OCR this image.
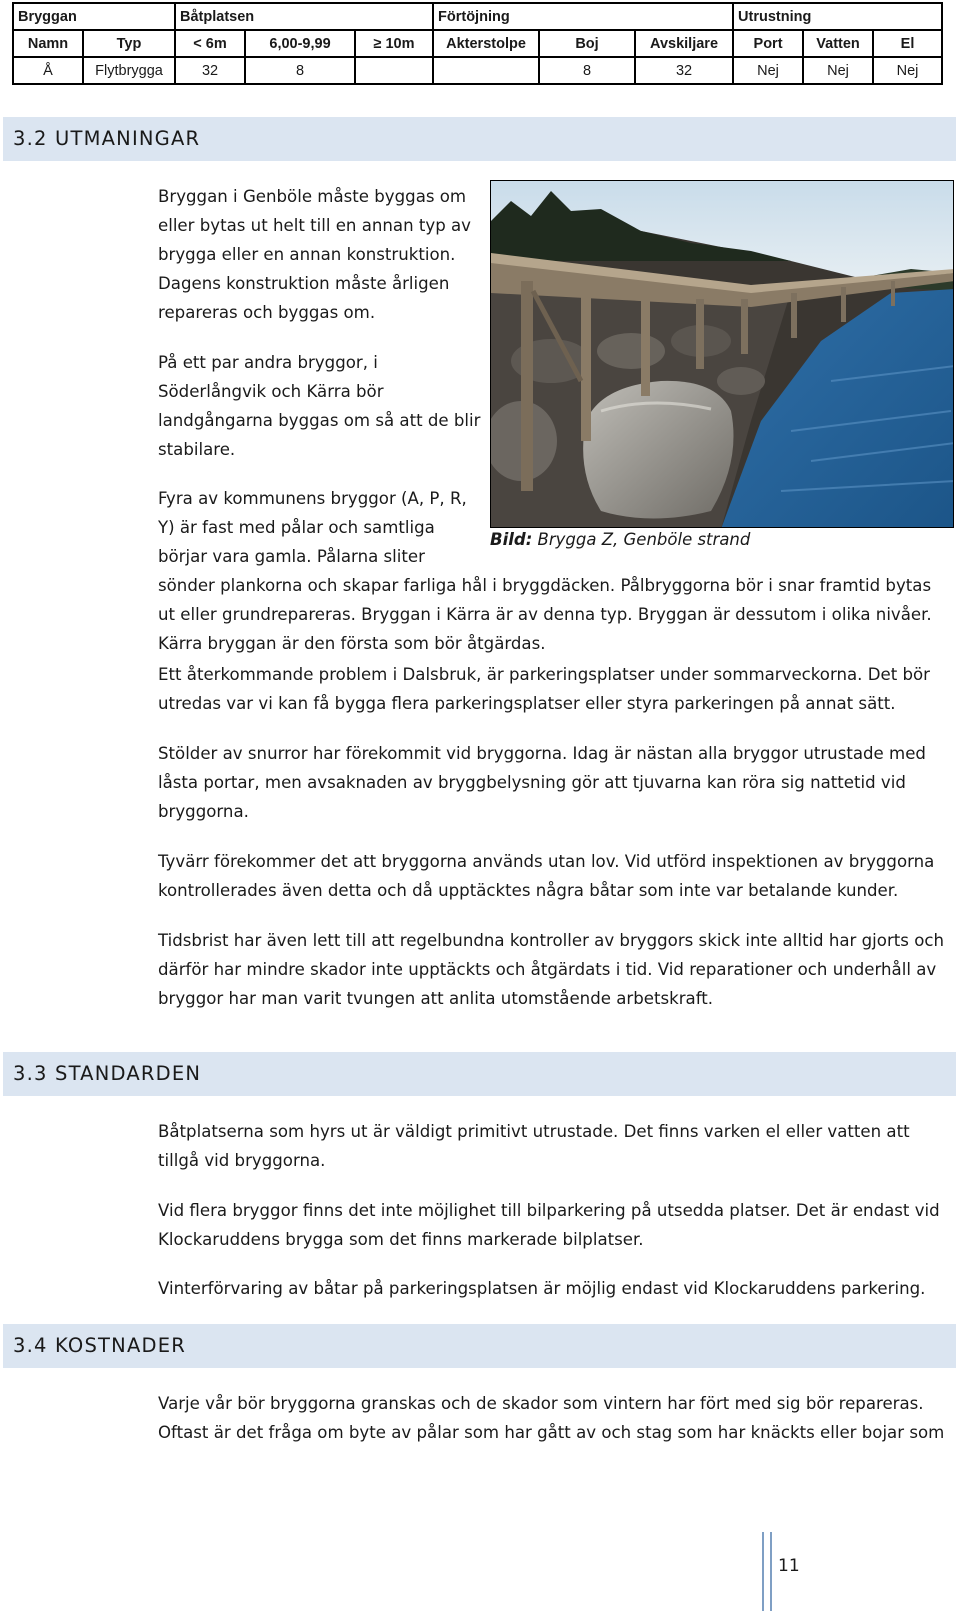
Bryggan		Båtplatsen			Förtöjning			Utrustning		
Namn	Typ	< 6m	6,00-9,99	≥ 10m	Akterstolpe	Boj	Avskiljare	Port	Vatten	El
Å	Flytbrygga	32	8			8	32	Nej	Nej	Nej
3.2 UTMANINGAR
Bryggan i Genböle måste byggas om
eller bytas ut helt till en annan typ av
brygga eller en annan konstruktion.
Dagens konstruktion måste årligen
repareras och byggas om.
På ett par andra bryggor, i
Söderlångvik och Kärra bör
landgångarna byggas om så att de blir
stabilare.
Fyra av kommunens bryggor (A, P, R,
Y) är fast med pålar och samtliga
börjar vara gamla. Pålarna sliter
sönder plankorna och skapar farliga hål i bryggdäcken. Pålbryggorna bör i snar framtid bytas
ut eller grundrepareras. Bryggan i Kärra är av denna typ. Bryggan är dessutom i olika nivåer.
Kärra bryggan är den första som bör åtgärdas.
Bild: Brygga Z, Genböle strand
Ett återkommande problem i Dalsbruk, är parkeringsplatser under sommarveckorna. Det bör
utredas var vi kan få bygga flera parkeringsplatser eller styra parkeringen på annat sätt.
Stölder av snurror har förekommit vid bryggorna. Idag är nästan alla bryggor utrustade med
låsta portar, men avsaknaden av bryggbelysning gör att tjuvarna kan röra sig nattetid vid
bryggorna.
Tyvärr förekommer det att bryggorna används utan lov. Vid utförd inspektionen av bryggorna
kontrollerades även detta och då upptäcktes några båtar som inte var betalande kunder.
Tidsbrist har även lett till att regelbundna kontroller av bryggors skick inte alltid har gjorts och
därför har mindre skador inte upptäckts och åtgärdats i tid. Vid reparationer och underhåll av
bryggor har man varit tvungen att anlita utomstående arbetskraft.
3.3 STANDARDEN
Båtplatserna som hyrs ut är väldigt primitivt utrustade. Det finns varken el eller vatten att
tillgå vid bryggorna.
Vid flera bryggor finns det inte möjlighet till bilparkering på utsedda platser. Det är endast vid
Klockaruddens brygga som det finns markerade bilplatser.
Vinterförvaring av båtar på parkeringsplatsen är möjlig endast vid Klockaruddens parkering.
3.4 KOSTNADER
Varje vår bör bryggorna granskas och de skador som vintern har fört med sig bör repareras.
Oftast är det fråga om byte av pålar som har gått av och stag som har knäckts eller bojar som
11
